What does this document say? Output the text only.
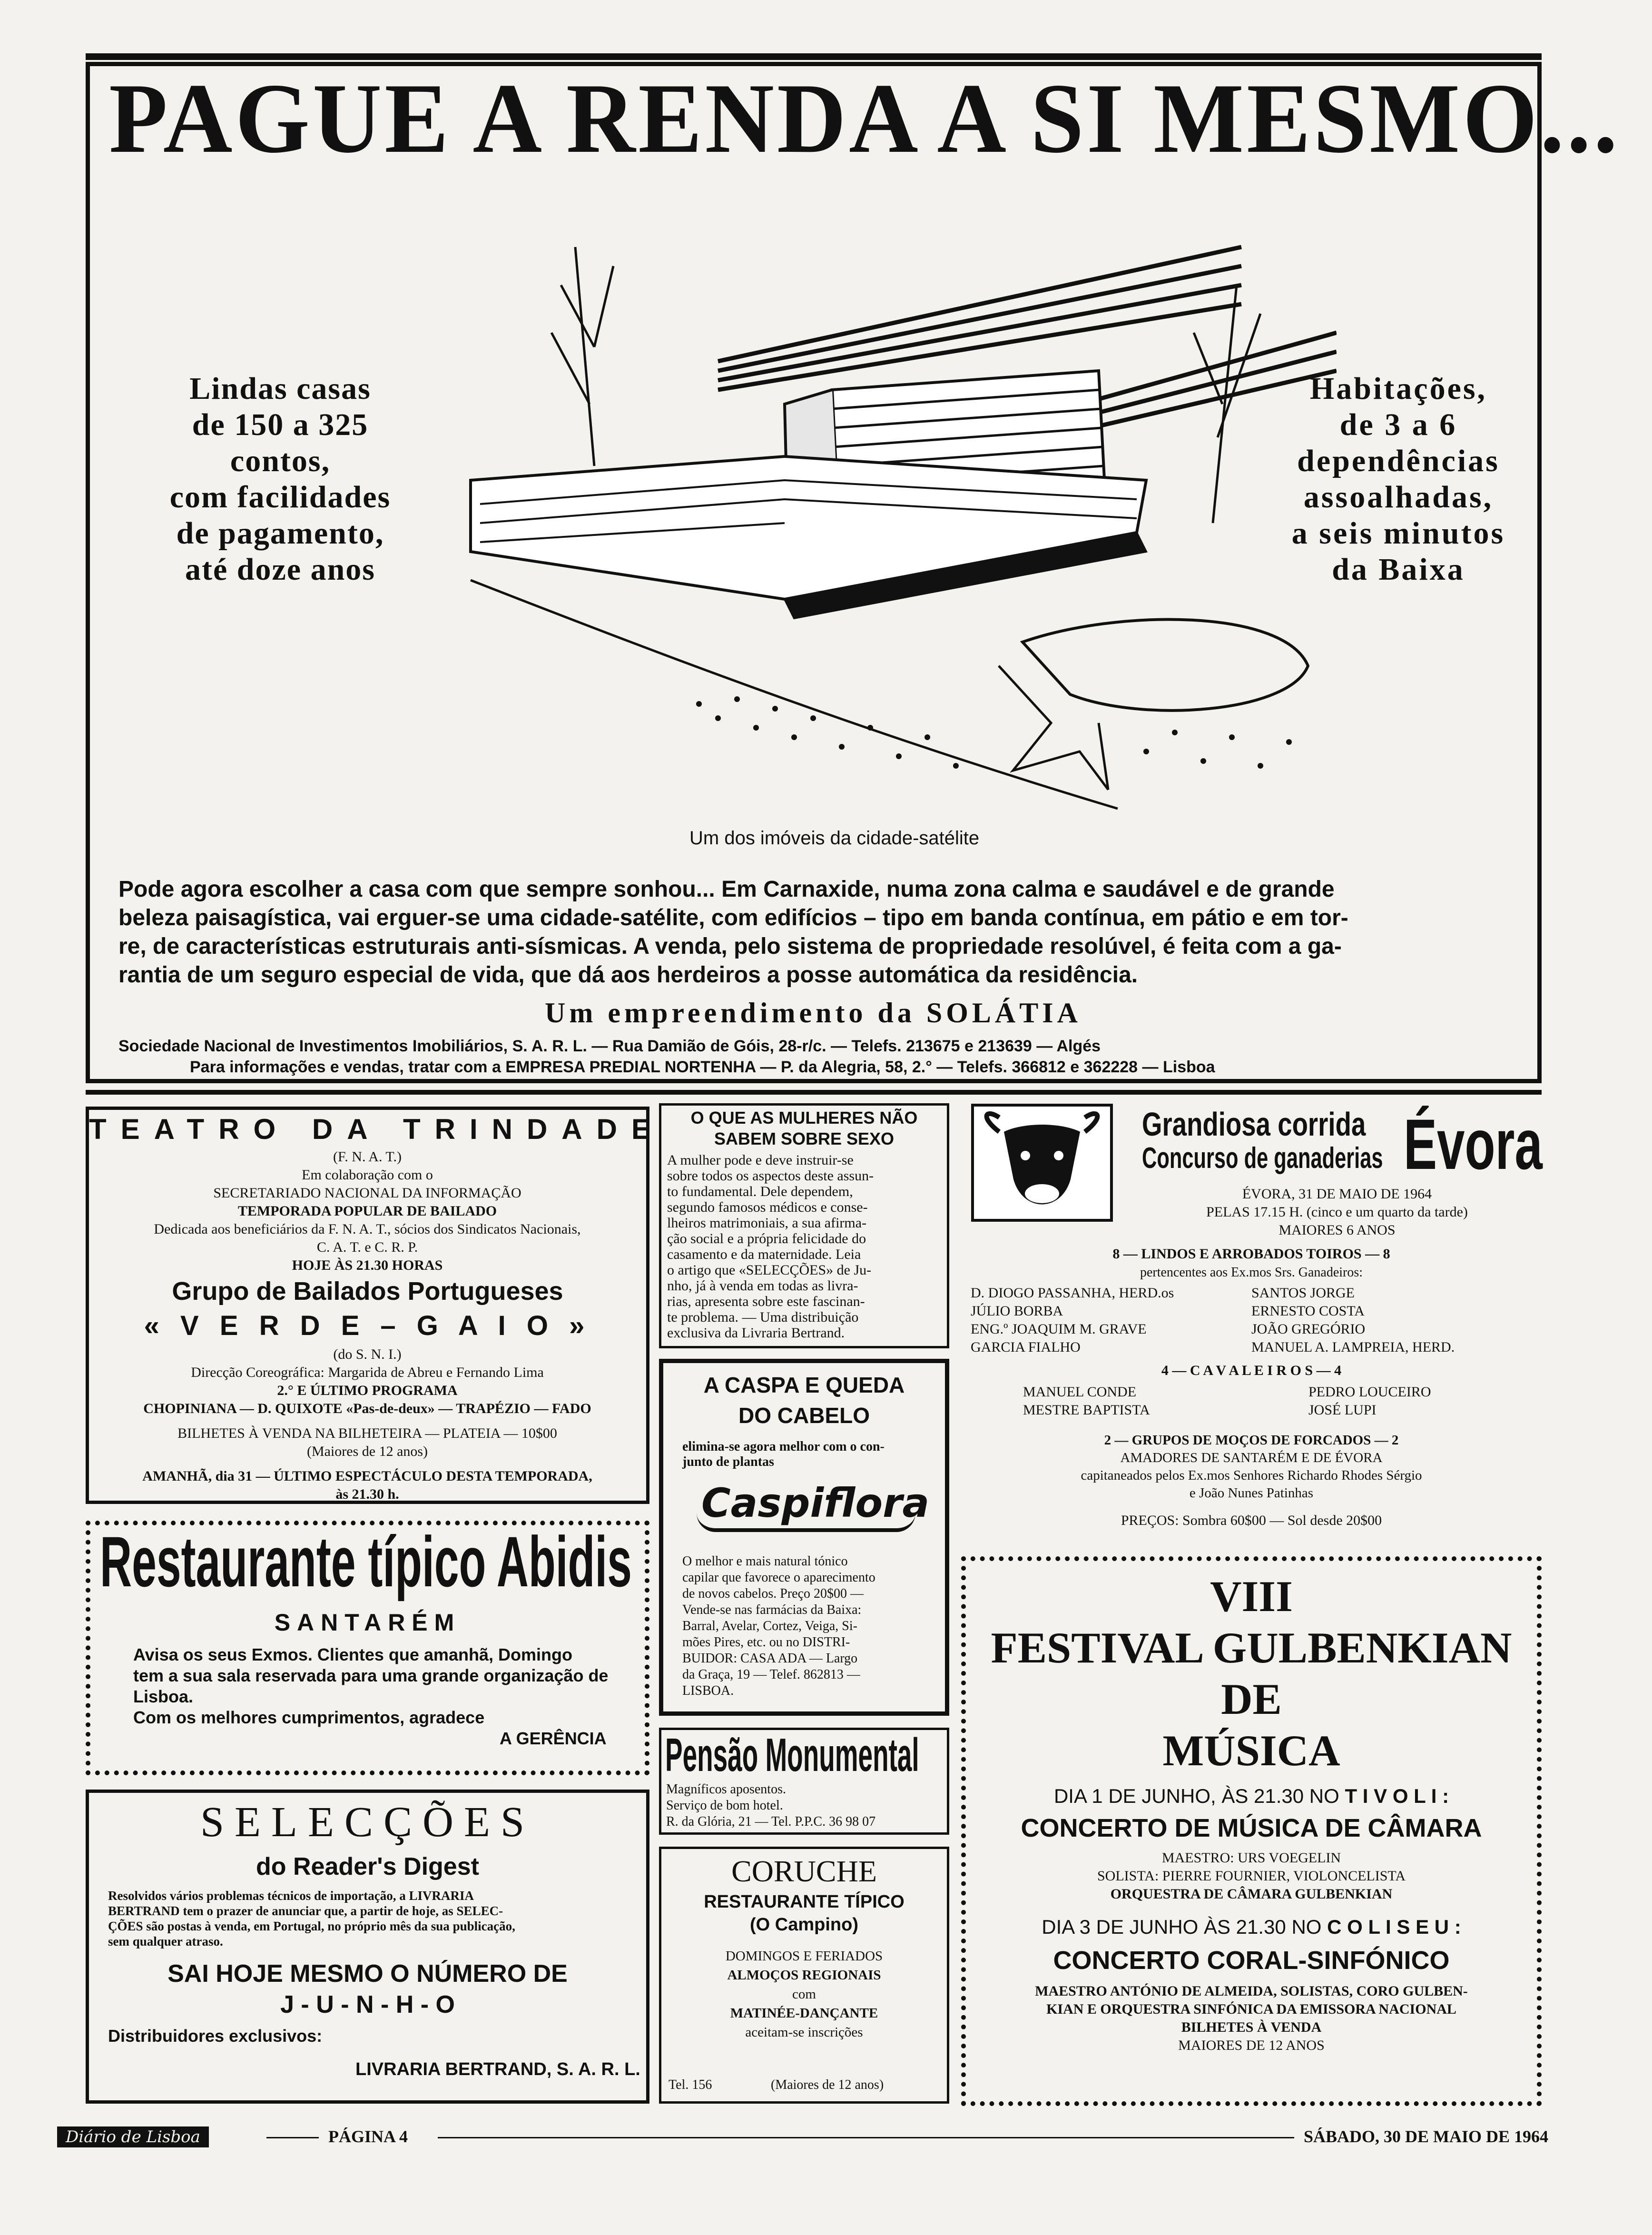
PAGUE A RENDA A SI MESMO...
Lindas casas
de 150 a 325
contos,
com facilidades
de pagamento,
até doze anos
Habitações,
de 3 a 6
dependências
assoalhadas,
a seis minutos
da Baixa
Um dos imóveis da cidade-satélite
Pode agora escolher a casa com que sempre sonhou... Em Carnaxide, numa zona calma e saudável e de grande
beleza paisagística, vai erguer-se uma cidade-satélite, com edifícios – tipo em banda contínua, em pátio e em tor-
re, de características estruturais anti-sísmicas. A venda, pelo sistema de propriedade resolúvel, é feita com a ga-
rantia de um seguro especial de vida, que dá aos herdeiros a posse automática da residência.
Um empreendimento da SOLÁTIA
Sociedade Nacional de Investimentos Imobiliários, S. A. R. L. — Rua Damião de Góis, 28-r/c. — Telefs. 213675 e 213639 — Algés
Para informações e vendas, tratar com a EMPRESA PREDIAL NORTENHA — P. da Alegria, 58, 2.° — Telefs. 366812 e 362228 — Lisboa
TEATRO DA TRINDADE
(F. N. A. T.)
Em colaboração com o
SECRETARIADO NACIONAL DA INFORMAÇÃO
TEMPORADA POPULAR DE BAILADO
Dedicada aos beneficiários da F. N. A. T., sócios dos Sindicatos Nacionais,
C. A. T. e C. R. P.
HOJE ÀS 21.30 HORAS
Grupo de Bailados Portugueses
« V E R D E – G A I O »
(do S. N. I.)
Direcção Coreográfica: Margarida de Abreu e Fernando Lima
2.° E ÚLTIMO PROGRAMA
CHOPINIANA — D. QUIXOTE «Pas-de-deux» — TRAPÉZIO — FADO
BILHETES À VENDA NA BILHETEIRA — PLATEIA — 10$00
(Maiores de 12 anos)
AMANHÃ, dia 31 — ÚLTIMO ESPECTÁCULO DESTA TEMPORADA,
às 21.30 h.
Restaurante típico Abidis
SANTARÉM
Avisa os seus Exmos. Clientes que amanhã, Domingo
tem a sua sala reservada para uma grande organização de
Lisboa.
Com os melhores cumprimentos, agradece
A GERÊNCIA
SELECÇÕES
do Reader's Digest
Resolvidos vários problemas técnicos de importação, a LIVRARIA
BERTRAND tem o prazer de anunciar que, a partir de hoje, as SELEC-
ÇÕES são postas à venda, em Portugal, no próprio mês da sua publicação,
sem qualquer atraso.
SAI HOJE MESMO O NÚMERO DE
J - U - N - H - O
Distribuidores exclusivos:
LIVRARIA BERTRAND, S. A. R. L.
O QUE AS MULHERES NÃO
SABEM SOBRE SEXO
A mulher pode e deve instruir-se
sobre todos os aspectos deste assun-
to fundamental. Dele dependem,
segundo famosos médicos e conse-
lheiros matrimoniais, a sua afirma-
ção social e a própria felicidade do
casamento e da maternidade. Leia
o artigo que «SELECÇÕES» de Ju-
nho, já à venda em todas as livra-
rias, apresenta sobre este fascinan-
te problema. — Uma distribuição
exclusiva da Livraria Bertrand.
A CASPA E QUEDA
DO CABELO
elimina-se agora melhor com o con-
junto de plantas
Caspiflora
O melhor e mais natural tónico
capilar que favorece o aparecimento
de novos cabelos. Preço 20$00 —
Vende-se nas farmácias da Baixa:
Barral, Avelar, Cortez, Veiga, Si-
mões Pires, etc. ou no DISTRI-
BUIDOR: CASA ADA — Largo
da Graça, 19 — Telef. 862813 —
LISBOA.
Pensão Monumental
Magníficos aposentos.
Serviço de bom hotel.
R. da Glória, 21 — Tel. P.P.C. 36 98 07
CORUCHE
RESTAURANTE TÍPICO
(O Campino)
DOMINGOS E FERIADOS
ALMOÇOS REGIONAIS
com
MATINÉE-DANÇANTE
aceitam-se inscrições
Tel. 156	(Maiores de 12 anos)
Grandiosa corrida
Concurso de ganaderias Évora
ÉVORA, 31 DE MAIO DE 1964
PELAS 17.15 H. (cinco e um quarto da tarde)
MAIORES 6 ANOS
8 — LINDOS E ARROBADOS TOIROS — 8
pertencentes aos Ex.mos Srs. Ganadeiros:
D. DIOGO PASSANHA, HERD.os	SANTOS JORGE
JÚLIO BORBA	ERNESTO COSTA
ENG.º JOAQUIM M. GRAVE	JOÃO GREGÓRIO
GARCIA FIALHO	MANUEL A. LAMPREIA, HERD.
4 — C A V A L E I R O S — 4
MANUEL CONDE	PEDRO LOUCEIRO
MESTRE BAPTISTA	JOSÉ LUPI
2 — GRUPOS DE MOÇOS DE FORCADOS — 2
AMADORES DE SANTARÉM E DE ÉVORA
capitaneados pelos Ex.mos Senhores Richardo Rhodes Sérgio
e João Nunes Patinhas
PREÇOS: Sombra 60$00 — Sol desde 20$00
VIII
FESTIVAL GULBENKIAN
DE
MÚSICA
DIA 1 DE JUNHO, ÀS 21.30 NO T I V O L I :
CONCERTO DE MÚSICA DE CÂMARA
MAESTRO: URS VOEGELIN
SOLISTA: PIERRE FOURNIER, VIOLONCELISTA
ORQUESTRA DE CÂMARA GULBENKIAN
DIA 3 DE JUNHO ÀS 21.30 NO C O L I S E U :
CONCERTO CORAL-SINFÓNICO
MAESTRO ANTÓNIO DE ALMEIDA, SOLISTAS, CORO GULBEN-
KIAN E ORQUESTRA SINFÓNICA DA EMISSORA NACIONAL
BILHETES À VENDA
MAIORES DE 12 ANOS
Diário de Lisboa	PÁGINA 4	SÁBADO, 30 DE MAIO DE 1964
